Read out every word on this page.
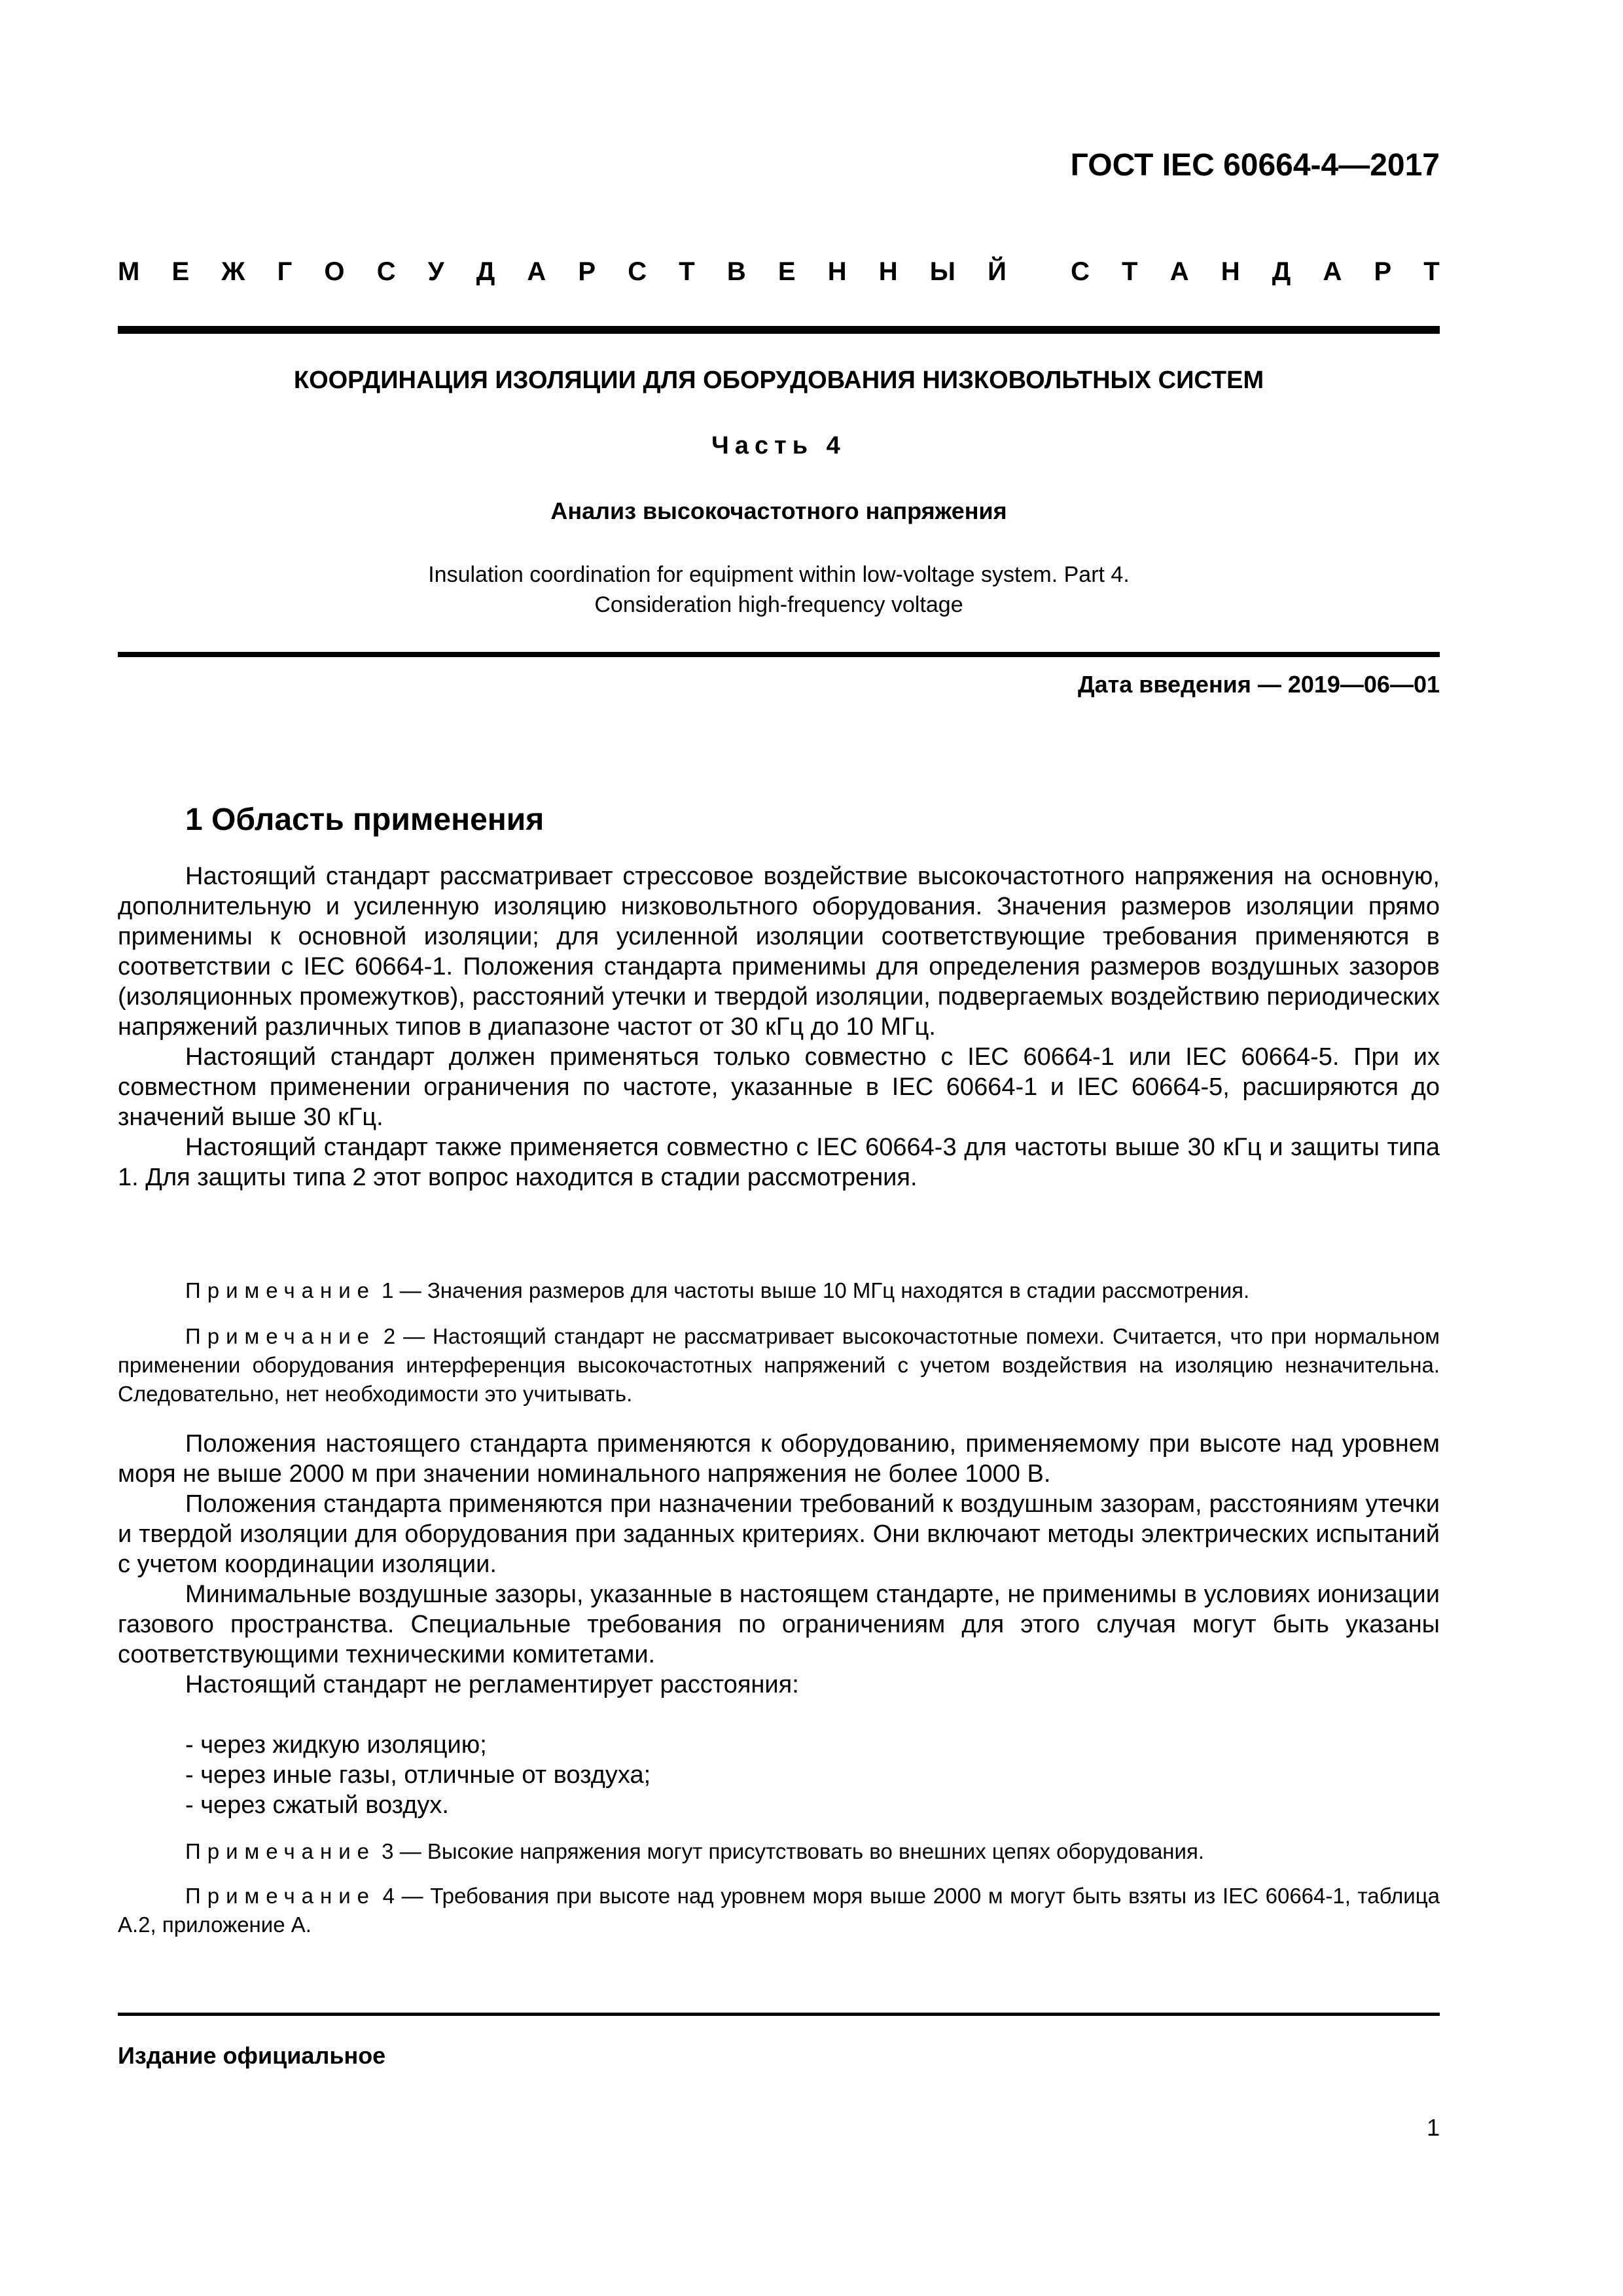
ГОСТ IEC 60664-4—2017
М Е Ж Г О С У Д А Р С Т В Е Н Н Ы Й С Т А Н Д А Р Т
КООРДИНАЦИЯ ИЗОЛЯЦИИ ДЛЯ ОБОРУДОВАНИЯ НИЗКОВОЛЬТНЫХ СИСТЕМ
Часть 4
Анализ высокочастотного напряжения
Insulation coordination for equipment within low-voltage system. Part 4.
Consideration high-frequency voltage
Дата введения — 2019—06—01
1 Область применения

Настоящий стандарт рассматривает стрессовое воздействие высокочастотного напряжения на основную, дополнительную и усиленную изоляцию низковольтного оборудования. Значения размеров изоляции прямо применимы к основной изоляции; для усиленной изоляции соответствующие требования применяются в соответствии с IEC 60664-1. Положения стандарта применимы для определения размеров воздушных зазоров (изоляционных промежутков), расстояний утечки и твердой изоляции, подвергаемых воздействию периодических напряжений различных типов в диапазоне частот от 30 кГц до 10 МГц.

Настоящий стандарт должен применяться только совместно с IEC 60664-1 или IEC 60664-5. При их совместном применении ограничения по частоте, указанные в IEC 60664-1 и IEC 60664-5, расширяются до значений выше 30 кГц.

Настоящий стандарт также применяется совместно с IEC 60664-3 для частоты выше 30 кГц и защиты типа 1. Для защиты типа 2 этот вопрос находится в стадии рассмотрения.

Примечание 1 — Значения размеров для частоты выше 10 МГц находятся в стадии рассмотрения.

Примечание 2 — Настоящий стандарт не рассматривает высокочастотные помехи. Считается, что при нормальном применении оборудования интерференция высокочастотных напряжений с учетом воздействия на изоляцию незначительна. Следовательно, нет необходимости это учитывать.

Положения настоящего стандарта применяются к оборудованию, применяемому при высоте над уровнем моря не выше 2000 м при значении номинального напряжения не более 1000 В.

Положения стандарта применяются при назначении требований к воздушным зазорам, расстояниям утечки и твердой изоляции для оборудования при заданных критериях. Они включают методы электрических испытаний с учетом координации изоляции.

Минимальные воздушные зазоры, указанные в настоящем стандарте, не применимы в условиях ионизации газового пространства. Специальные требования по ограничениям для этого случая могут быть указаны соответствующими техническими комитетами.

Настоящий стандарт не регламентирует расстояния:

- через жидкую изоляцию;
- через иные газы, отличные от воздуха;
- через сжатый воздух.

Примечание 3 — Высокие напряжения могут присутствовать во внешних цепях оборудования.

Примечание 4 — Требования при высоте над уровнем моря выше 2000 м могут быть взяты из IEC 60664-1, таблица А.2, приложение А.

Издание официальное
1
